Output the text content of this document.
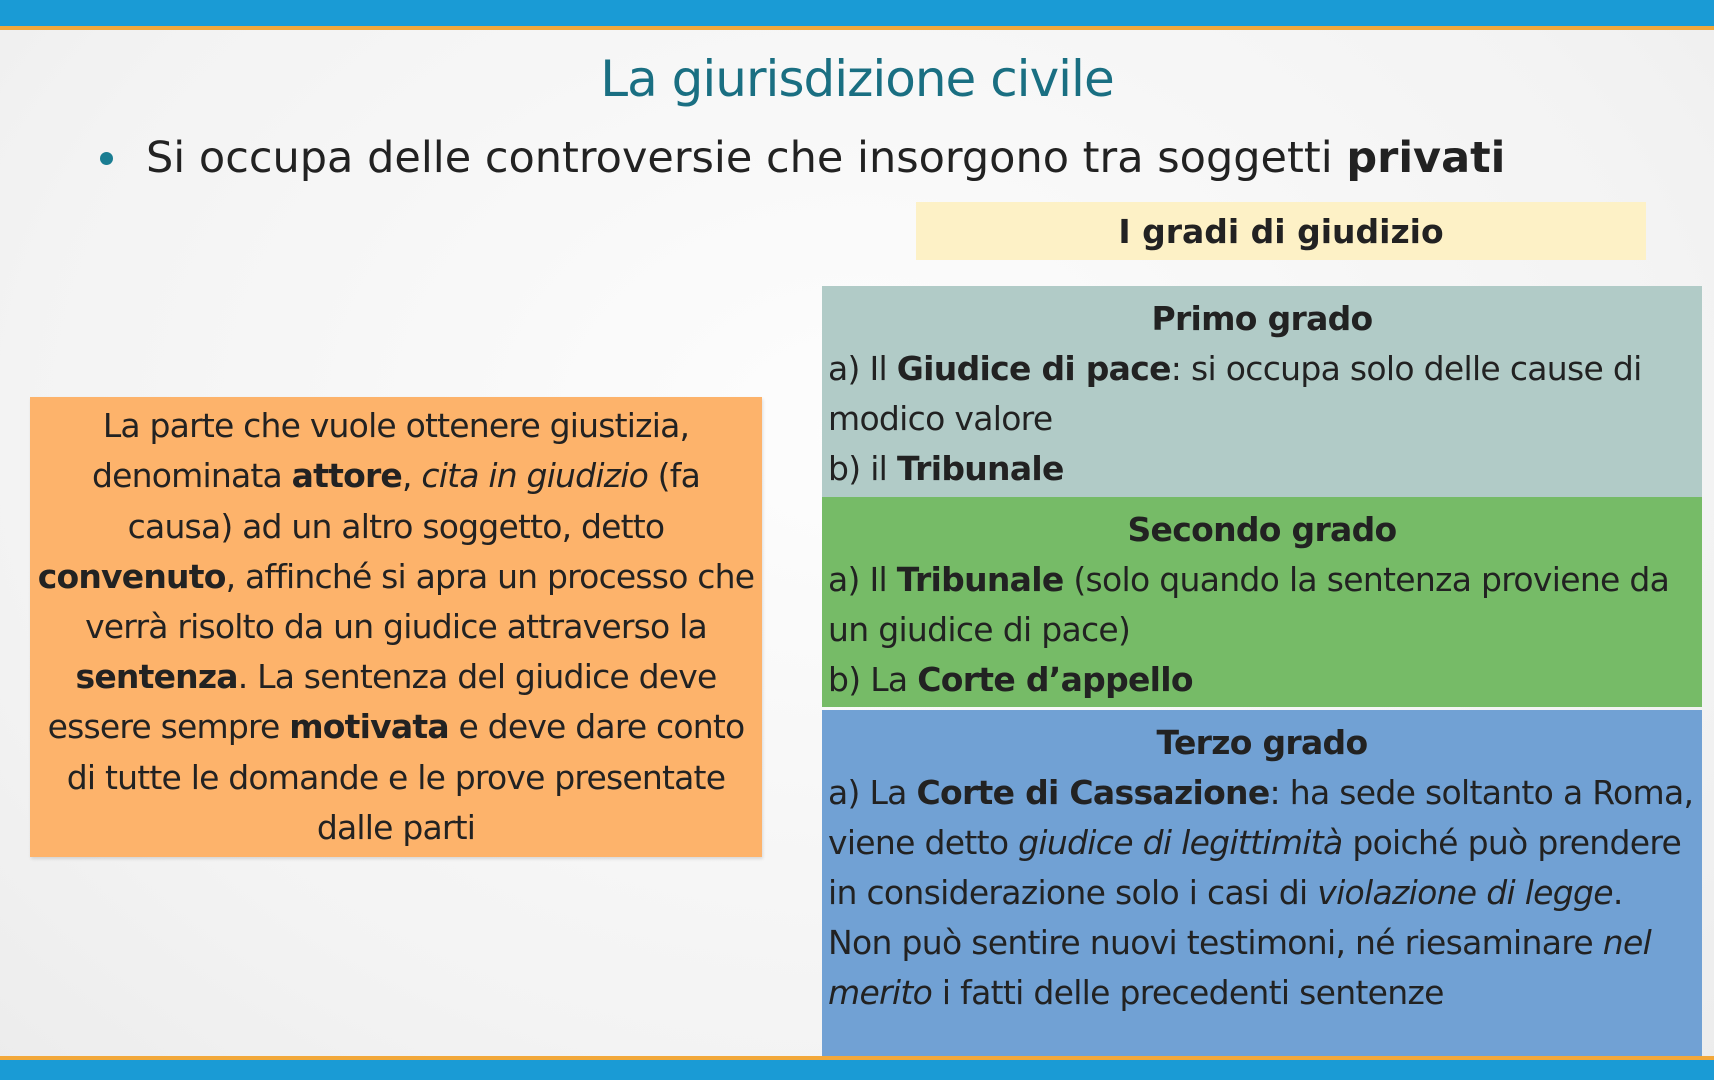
La giurisdizione civile
Si occupa delle controversie che insorgono tra soggetti privati
I gradi di giudizio

La parte che vuole ottenere giustizia, denominata attore, cita in giudizio (fa causa) ad un altro soggetto, detto convenuto, affinché si apra un processo che verrà risolto da un giudice attraverso la sentenza. La sentenza del giudice deve essere sempre motivata e deve dare conto di tutte le domande e le prove presentate dalle parti

Primo grado

a) Il Giudice di pace: si occupa solo delle cause di modico valore

b) il Tribunale

Secondo grado

a) Il Tribunale (solo quando la sentenza proviene da un giudice di pace)

b) La Corte d’appello

Terzo grado

a) La Corte di Cassazione: ha sede soltanto a Roma, viene detto giudice di legittimità poiché può prendere in considerazione solo i casi di violazione di legge. Non può sentire nuovi testimoni, né riesaminare nel merito i fatti delle precedenti sentenze
